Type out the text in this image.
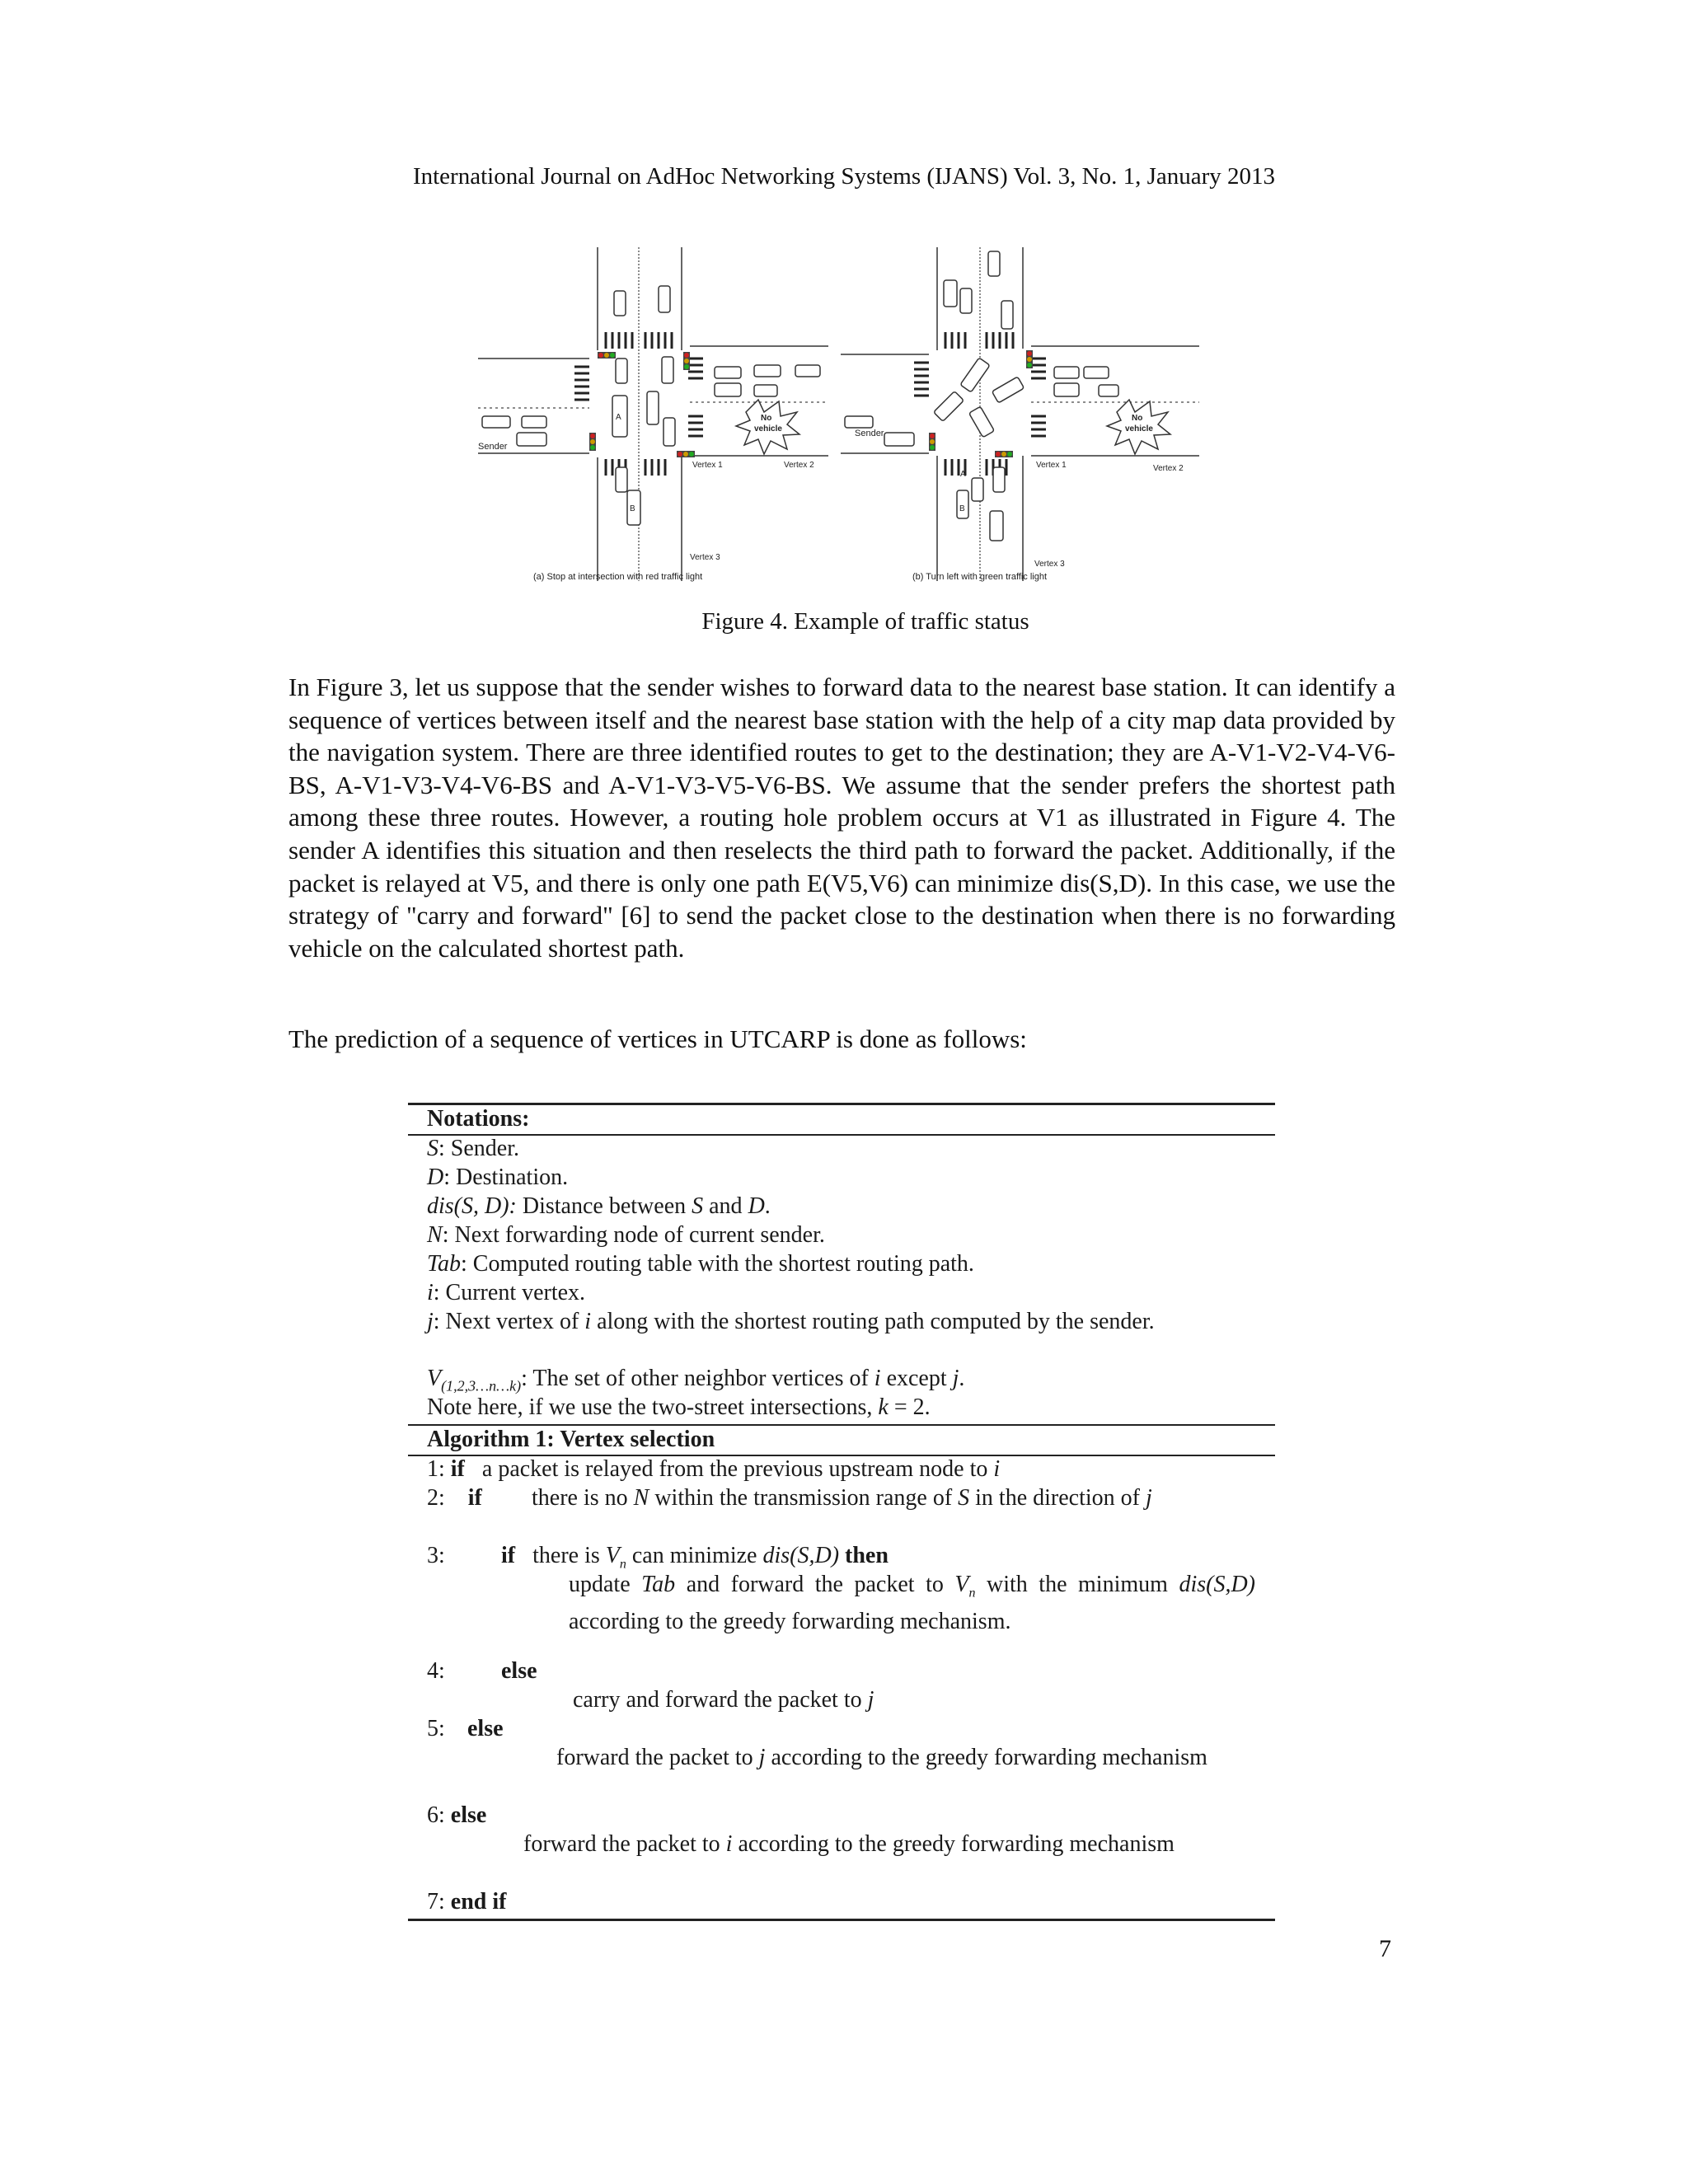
International Journal on AdHoc Networking Systems (IJANS) Vol. 3, No. 1, January 2013
Sender
A
B
Vertex 1	Vertex 2
Vertex 3
No
vehicle
(a) Stop at intersection with red traffic light
Sender
A
B
Vertex 1	Vertex 2
Vertex 3
No
vehicle
(b) Turn left with green traffic light
Figure 4. Example of traffic status

In Figure 3, let us suppose that the sender wishes to forward data to the nearest base station. It can identify a sequence of vertices between itself and the nearest base station with the help of a city map data provided by the navigation system. There are three identified routes to get to the destination; they are A-V1-V2-V4-V6-BS, A-V1-V3-V4-V6-BS and A-V1-V3-V5-V6-BS. We assume that the sender prefers the shortest path among these three routes. However, a routing hole problem occurs at V1 as illustrated in Figure 4. The sender A identifies this situation and then reselects the third path to forward the packet. Additionally, if the packet is relayed at V5, and there is only one path E(V5,V6) can minimize dis(S,D). In this case, we use the strategy of "carry and forward" [6] to send the packet close to the destination when there is no forwarding vehicle on the calculated shortest path.

The prediction of a sequence of vertices in UTCARP is done as follows:

Notations:
S: Sender.
D: Destination.
dis(S, D): Distance between S and D.
N: Next forwarding node of current sender.
Tab: Computed routing table with the shortest routing path.
i: Current vertex.
j: Next vertex of i along with the shortest routing path computed by the sender.
$V_{(1,2,3\dots n\dots k)}$: The set of other neighbor vertices of i except j.
Note here, if we use the two-street intersections, k = 2.
Algorithm 1: Vertex selection
1: if   a packet is relayed from the previous upstream node to i
2:    if there is no N within the transmission range of S in the direction of j
3: if   there is $V_n$ can minimize dis(S,D) then
update Tab and forward the packet to $V_n$ with the minimum dis(S,D) according to the greedy forwarding mechanism.
4: else
carry and forward the packet to j
5: else
forward the packet to j according to the greedy forwarding mechanism
6: else
forward the packet to i according to the greedy forwarding mechanism
7: end if
7
